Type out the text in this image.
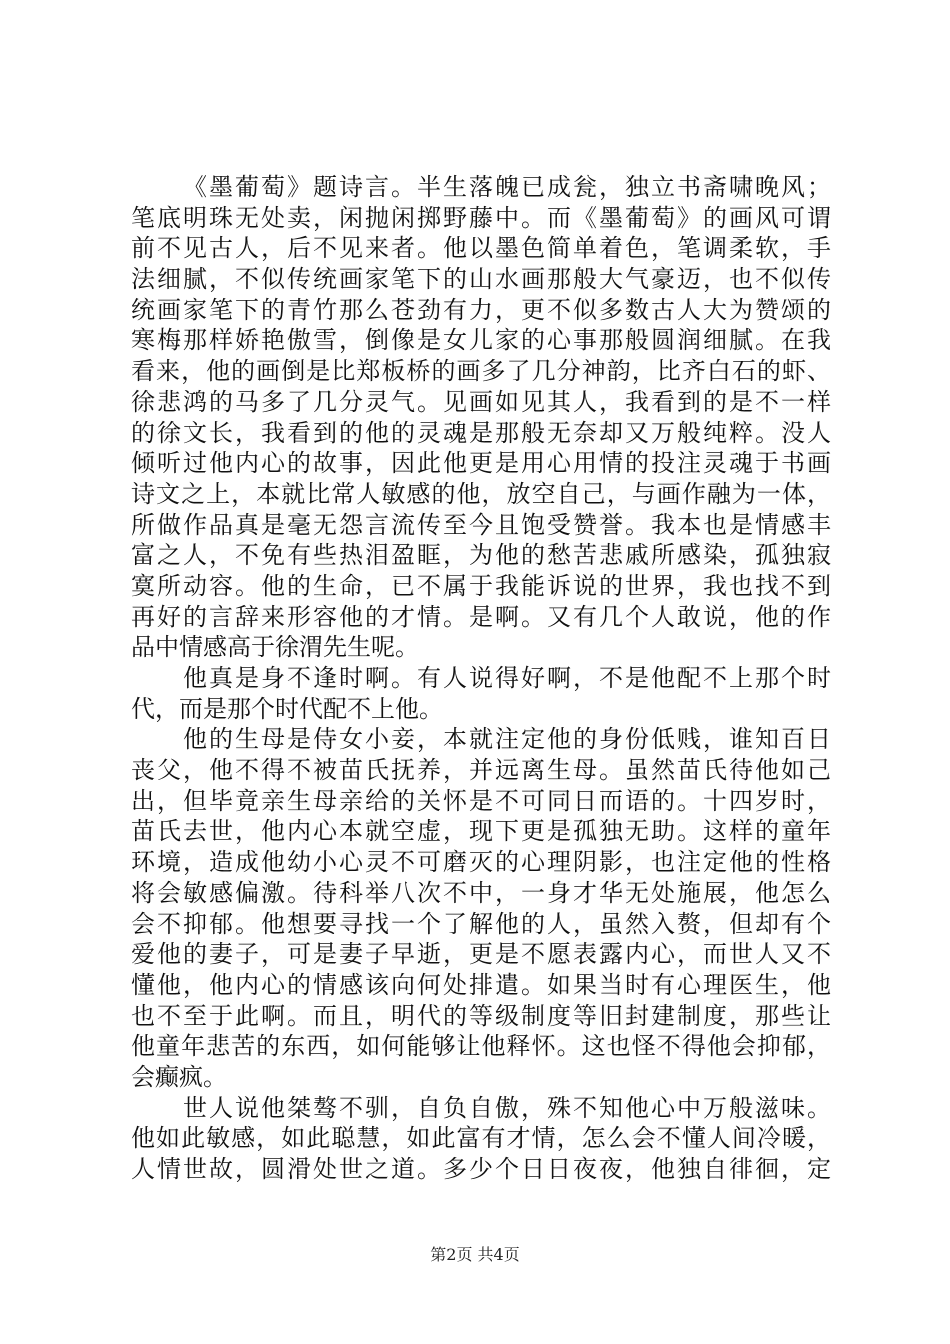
《墨葡萄》题诗言。半生落魄已成瓮，独立书斋啸晚风；
笔底明珠无处卖，闲抛闲掷野藤中。而《墨葡萄》的画风可谓
前不见古人，后不见来者。他以墨色简单着色，笔调柔软，手
法细腻，不似传统画家笔下的山水画那般大气豪迈，也不似传
统画家笔下的青竹那么苍劲有力，更不似多数古人大为赞颂的
寒梅那样娇艳傲雪，倒像是女儿家的心事那般圆润细腻。在我
看来，他的画倒是比郑板桥的画多了几分神韵，比齐白石的虾、
徐悲鸿的马多了几分灵气。见画如见其人，我看到的是不一样
的徐文长，我看到的他的灵魂是那般无奈却又万般纯粹。没人
倾听过他内心的故事，因此他更是用心用情的投注灵魂于书画
诗文之上，本就比常人敏感的他，放空自己，与画作融为一体，
所做作品真是毫无怨言流传至今且饱受赞誉。我本也是情感丰
富之人，不免有些热泪盈眶，为他的愁苦悲戚所感染，孤独寂
寞所动容。他的生命，已不属于我能诉说的世界，我也找不到
再好的言辞来形容他的才情。是啊。又有几个人敢说，他的作
品中情感高于徐渭先生呢。
他真是身不逢时啊。有人说得好啊，不是他配不上那个时
代，而是那个时代配不上他。
他的生母是侍女小妾，本就注定他的身份低贱，谁知百日
丧父，他不得不被苗氏抚养，并远离生母。虽然苗氏待他如己
出，但毕竟亲生母亲给的关怀是不可同日而语的。十四岁时，
苗氏去世，他内心本就空虚，现下更是孤独无助。这样的童年
环境，造成他幼小心灵不可磨灭的心理阴影，也注定他的性格
将会敏感偏激。待科举八次不中，一身才华无处施展，他怎么
会不抑郁。他想要寻找一个了解他的人，虽然入赘，但却有个
爱他的妻子，可是妻子早逝，更是不愿表露内心，而世人又不
懂他，他内心的情感该向何处排遣。如果当时有心理医生，他
也不至于此啊。而且，明代的等级制度等旧封建制度，那些让
他童年悲苦的东西，如何能够让他释怀。这也怪不得他会抑郁，
会癫疯。
世人说他桀骜不驯，自负自傲，殊不知他心中万般滋味。
他如此敏感，如此聪慧，如此富有才情，怎么会不懂人间冷暖，
人情世故，圆滑处世之道。多少个日日夜夜，他独自徘徊，定
第2页 共4页
